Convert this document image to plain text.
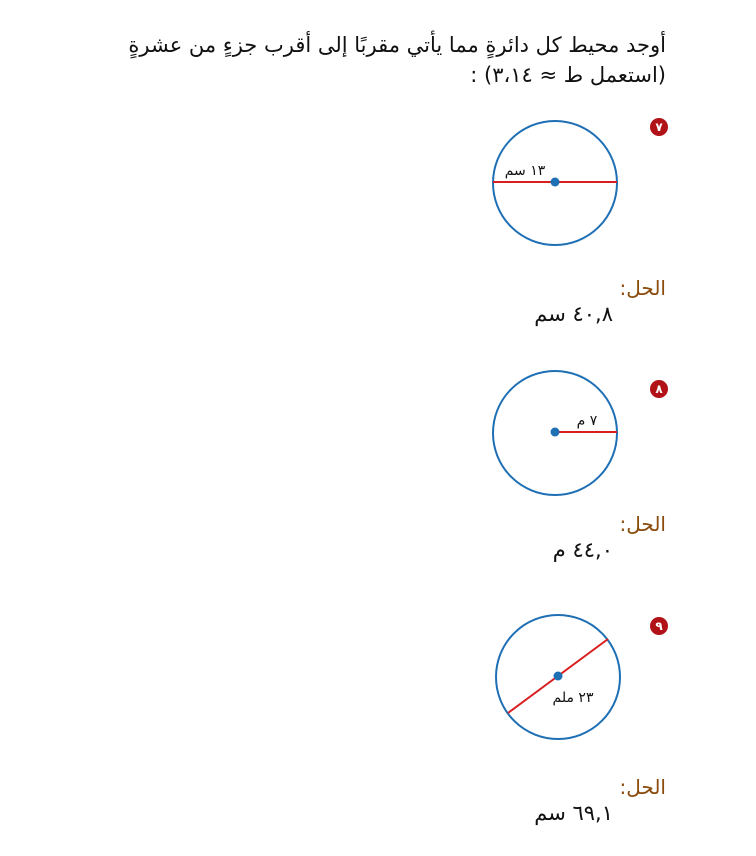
أوجد محيط كل دائرةٍ مما يأتي مقربًا إلى أقرب جزءٍ من عشرةٍ
(استعمل ط ≈ ٣،١٤) :
٧
١٣ سم
الحل:
٤٠,٨ سم
٨
٧ م
الحل:
٤٤,٠ م
٩
٢٣ ملم
الحل:
٦٩,١ سم
